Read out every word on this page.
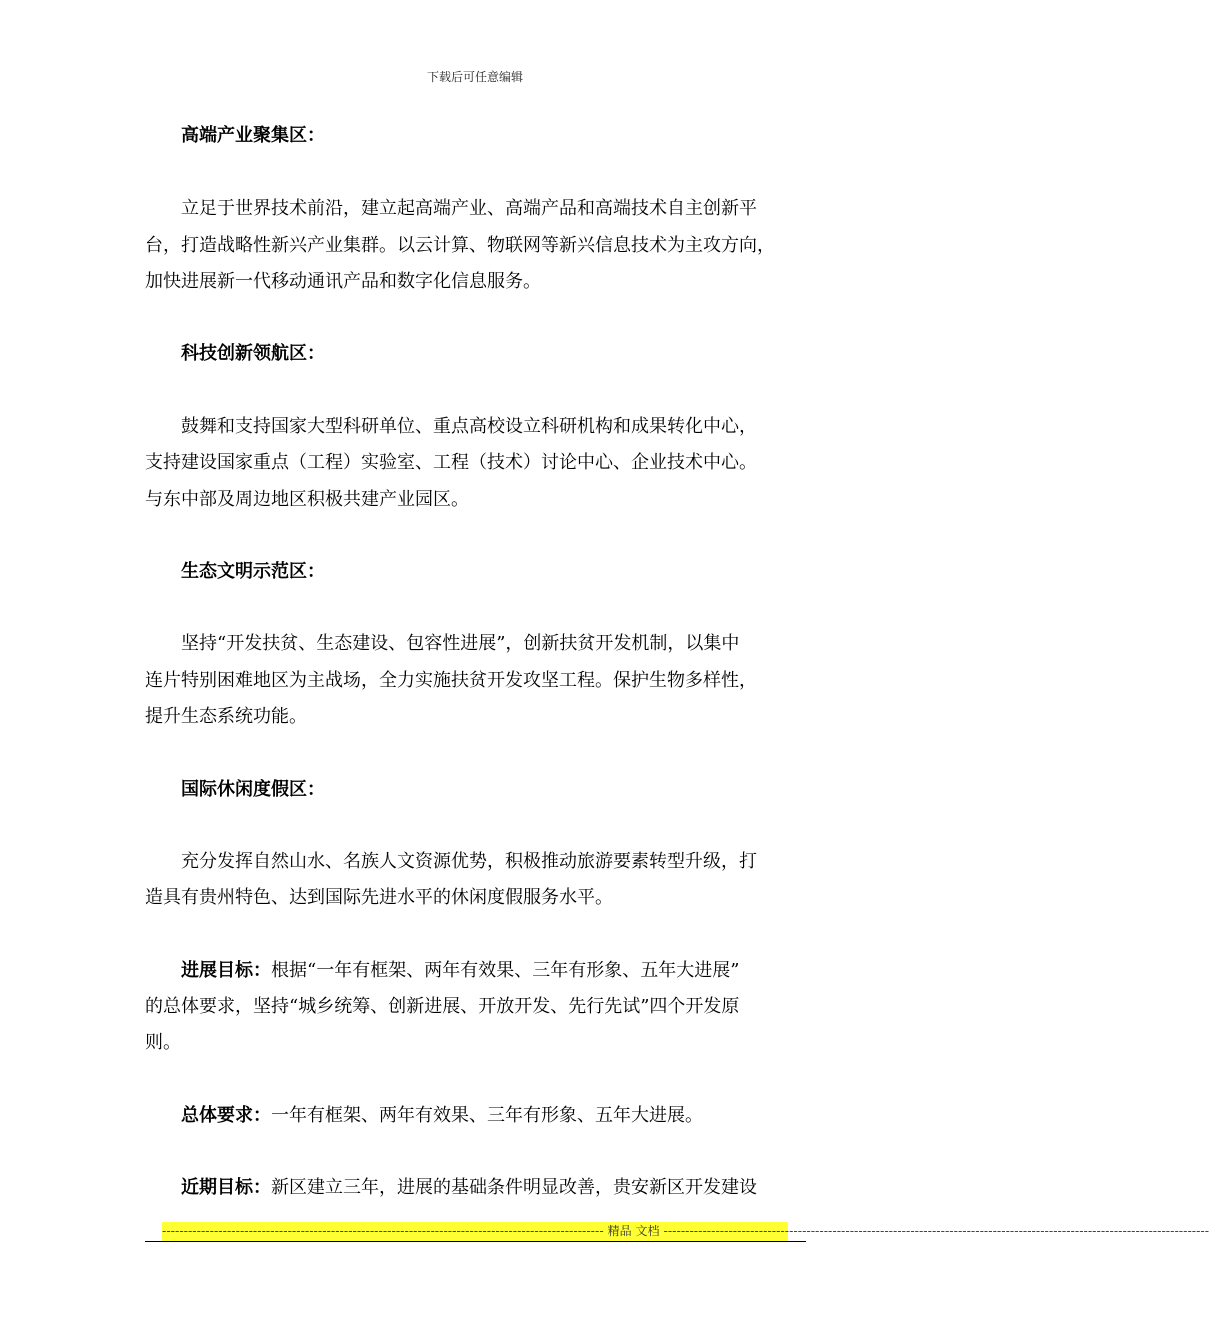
下载后可任意编辑
高端产业聚集区：
立足于世界技术前沿，建立起高端产业、高端产品和高端技术自主创新平
台，打造战略性新兴产业集群。以云计算、物联网等新兴信息技术为主攻方向，
加快进展新一代移动通讯产品和数字化信息服务。
科技创新领航区：
鼓舞和支持国家大型科研单位、重点高校设立科研机构和成果转化中心，
支持建设国家重点（工程）实验室、工程（技术）讨论中心、企业技术中心。
与东中部及周边地区积极共建产业园区。
生态文明示范区：
坚持“开发扶贫、生态建设、包容性进展”，创新扶贫开发机制，以集中
连片特别困难地区为主战场，全力实施扶贫开发攻坚工程。保护生物多样性，
提升生态系统功能。
国际休闲度假区：
充分发挥自然山水、名族人文资源优势，积极推动旅游要素转型升级，打
造具有贵州特色、达到国际先进水平的休闲度假服务水平。
进展目标：根据“一年有框架、两年有效果、三年有形象、五年大进展”
的总体要求，坚持“城乡统筹、创新进展、开放开发、先行先试”四个开发原
则。
总体要求：一年有框架、两年有效果、三年有形象、五年大进展。
近期目标：新区建立三年，进展的基础条件明显改善，贵安新区开发建设
------------------------------------------------------------------------------------------------------ 精品 文档 ------------------------------------------------------------------------------------------------------------------------------
